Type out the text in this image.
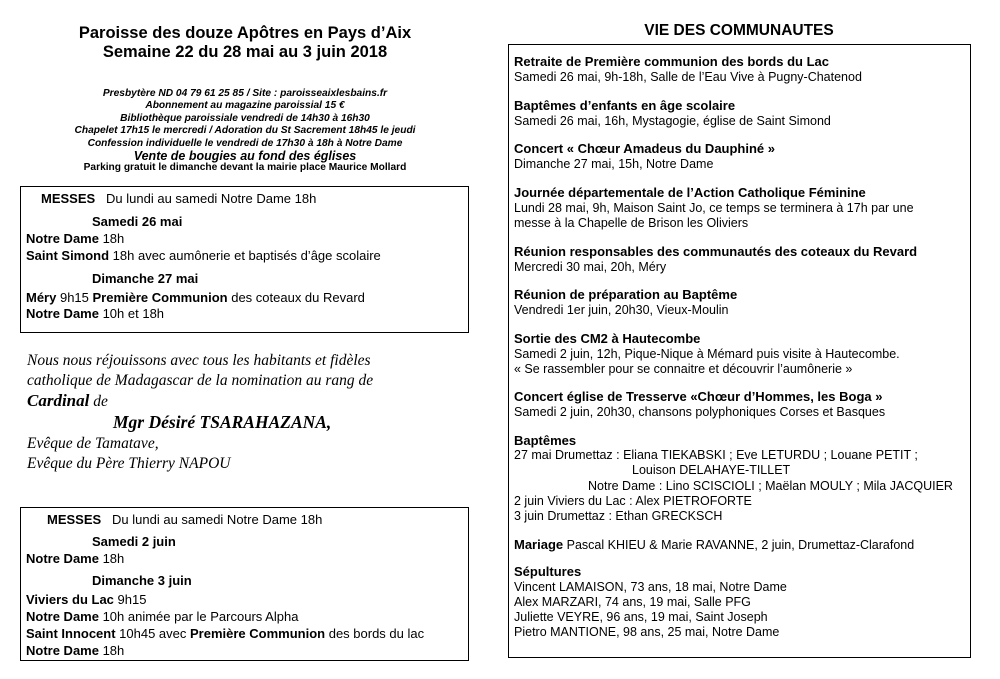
Paroisse des douze Apôtres en Pays d’Aix
Semaine 22 du 28 mai au 3 juin 2018
Presbytère ND 04 79 61 25 85 / Site : paroisseaixlesbains.fr
Abonnement au magazine paroissial 15 €
Bibliothèque paroissiale vendredi de 14h30 à 16h30
Chapelet 17h15 le mercredi / Adoration du St Sacrement 18h45 le jeudi
Confession individuelle le vendredi de 17h30 à 18h à Notre Dame
Vente de bougies au fond des églises
Parking gratuit le dimanche devant la mairie place Maurice Mollard
MESSES Du lundi au samedi Notre Dame 18h
Samedi 26 mai
Notre Dame 18h
Saint Simond 18h avec aumônerie et baptisés d’âge scolaire
Dimanche 27 mai
Méry 9h15 Première Communion des coteaux du Revard
Notre Dame 10h et 18h
Nous nous réjouissons avec tous les habitants et fidèles
catholique de Madagascar de la nomination au rang de
Cardinal de
Mgr Désiré TSARAHAZANA,
Evêque de Tamatave,
Evêque du Père Thierry NAPOU
MESSES Du lundi au samedi Notre Dame 18h
Samedi 2 juin
Notre Dame 18h
Dimanche 3 juin
Viviers du Lac 9h15
Notre Dame 10h animée par le Parcours Alpha
Saint Innocent 10h45 avec Première Communion des bords du lac
Notre Dame 18h
VIE DES COMMUNAUTES
Retraite de Première communion des bords du Lac
Samedi 26 mai, 9h-18h, Salle de l’Eau Vive à Pugny-Chatenod
Baptêmes d’enfants en âge scolaire
Samedi 26 mai, 16h, Mystagogie, église de Saint Simond
Concert « Chœur Amadeus du Dauphiné »
Dimanche 27 mai, 15h, Notre Dame
Journée départementale de l’Action Catholique Féminine
Lundi 28 mai, 9h, Maison Saint Jo, ce temps se terminera à 17h par une
messe à la Chapelle de Brison les Oliviers
Réunion responsables des communautés des coteaux du Revard
Mercredi 30 mai, 20h, Méry
Réunion de préparation au Baptême
Vendredi 1er juin, 20h30, Vieux-Moulin
Sortie des CM2 à Hautecombe
Samedi 2 juin, 12h, Pique-Nique à Mémard puis visite à Hautecombe.
« Se rassembler pour se connaitre et découvrir l’aumônerie »
Concert église de Tresserve «Chœur d’Hommes, les Boga »
Samedi 2 juin, 20h30, chansons polyphoniques Corses et Basques
Baptêmes
27 mai Drumettaz : Eliana TIEKABSKI ; Eve LETURDU ; Louane PETIT ;
Louison DELAHAYE-TILLET
Notre Dame : Lino SCISCIOLI ; Maëlan MOULY ; Mila JACQUIER
2 juin Viviers du Lac : Alex PIETROFORTE
3 juin Drumettaz : Ethan GRECKSCH
Mariage Pascal KHIEU & Marie RAVANNE, 2 juin, Drumettaz-Clarafond
Sépultures
Vincent LAMAISON, 73 ans, 18 mai, Notre Dame
Alex MARZARI, 74 ans, 19 mai, Salle PFG
Juliette VEYRE, 96 ans, 19 mai, Saint Joseph
Pietro MANTIONE, 98 ans, 25 mai, Notre Dame
